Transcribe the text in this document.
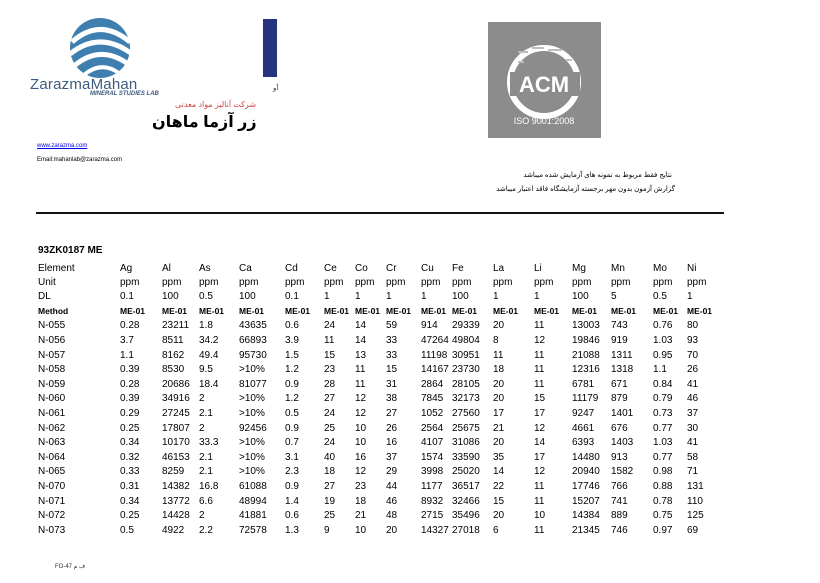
آو
ZarazmaMahan
MINERAL STUDIES LAB
شرکت آنالیز مواد معدنی
زر آزما ماهان
www.zarazma.com
Email:mahanlab@zarazma.com
ACM
ISO 9001:2008
نتایج فقط مربوط به نمونه های آزمایش شده میباشد
گزارش آزمون بدون مهر برجسته آزمایشگاه فاقد اعتبار میباشد
93ZK0187 ME
Element	Ag	Al	As	Ca	Cd	Ce	Co	Cr	Cu	Fe	La	Li	Mg	Mn	Mo	Ni
Unit	ppm	ppm	ppm	ppm	ppm	ppm	ppm	ppm	ppm	ppm	ppm	ppm	ppm	ppm	ppm	ppm
DL	0.1	100	0.5	100	0.1	1	1	1	1	100	1	1	100	5	0.5	1
Method	ME-01	ME-01	ME-01	ME-01	ME-01	ME-01	ME-01	ME-01	ME-01	ME-01	ME-01	ME-01	ME-01	ME-01	ME-01	ME-01
N-055	0.28	23211	1.8	43635	0.6	24	14	59	914	29339	20	11	13003	743	0.76	80
N-056	3.7	8511	34.2	66893	3.9	11	14	33	47264	49804	8	12	19846	919	1.03	93
N-057	1.1	8162	49.4	95730	1.5	15	13	33	11198	30951	11	11	21088	1311	0.95	70
N-058	0.39	8530	9.5	>10%	1.2	23	11	15	14167	23730	18	11	12316	1318	1.1	26
N-059	0.28	20686	18.4	81077	0.9	28	11	31	2864	28105	20	11	6781	671	0.84	41
N-060	0.39	34916	2	>10%	1.2	27	12	38	7845	32173	20	15	11179	879	0.79	46
N-061	0.29	27245	2.1	>10%	0.5	24	12	27	1052	27560	17	17	9247	1401	0.73	37
N-062	0.25	17807	2	92456	0.9	25	10	26	2564	25675	21	12	4661	676	0.77	30
N-063	0.34	10170	33.3	>10%	0.7	24	10	16	4107	31086	20	14	6393	1403	1.03	41
N-064	0.32	46153	2.1	>10%	3.1	40	16	37	1574	33590	35	17	14480	913	0.77	58
N-065	0.33	8259	2.1	>10%	2.3	18	12	29	3998	25020	14	12	20940	1582	0.98	71
N-070	0.31	14382	16.8	61088	0.9	27	23	44	1177	36517	22	11	17746	766	0.88	131
N-071	0.34	13772	6.6	48994	1.4	19	18	46	8932	32466	15	11	15207	741	0.78	110
N-072	0.25	14428	2	41881	0.6	25	21	48	2715	35496	20	10	14384	889	0.75	125
N-073	0.5	4922	2.2	72578	1.3	9	10	20	14327	27018	6	11	21345	746	0.97	69
FO-47 ف م
